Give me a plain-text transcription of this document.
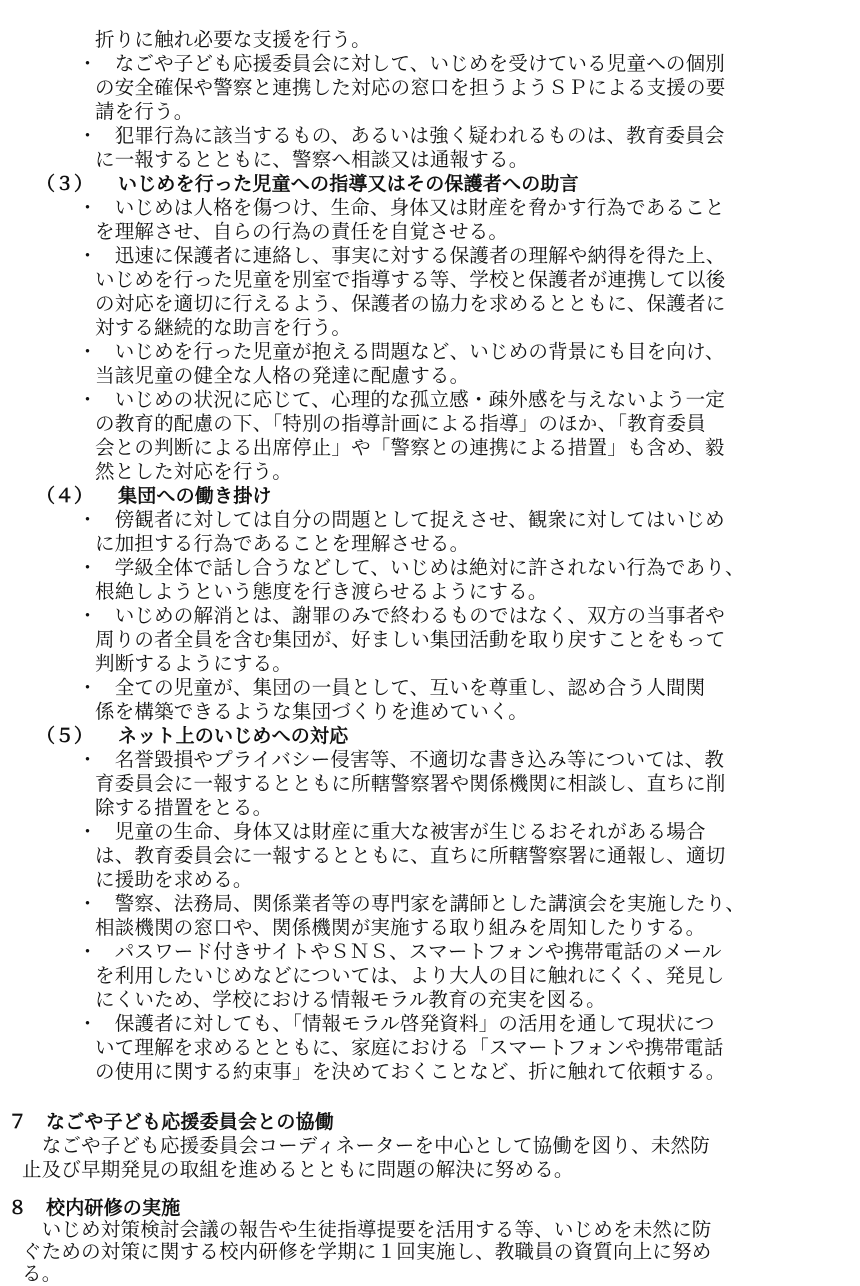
折りに触れ必要な支援を行う。
・
　なごや子ども応援委員会に対して、いじめを受けている児童への個別
の安全確保や警察と連携した対応の窓口を担うようＳＰによる支援の要
請を行う。
・
　犯罪行為に該当するもの、あるいは強く疑われるものは、教育委員会
に一報するとともに、警察へ相談又は通報する。
（３） いじめを行った児童への指導又はその保護者への助言
・
　いじめは人格を傷つけ、生命、身体又は財産を脅かす行為であること
を理解させ、自らの行為の責任を自覚させる。
・
　迅速に保護者に連絡し、事実に対する保護者の理解や納得を得た上、
いじめを行った児童を別室で指導する等、学校と保護者が連携して以後
の対応を適切に行えるよう、保護者の協力を求めるとともに、保護者に
対する継続的な助言を行う。
・
　いじめを行った児童が抱える問題など、いじめの背景にも目を向け、
当該児童の健全な人格の発達に配慮する。
・
　いじめの状況に応じて、心理的な孤立感・疎外感を与えないよう一定
の教育的配慮の下、「特別の指導計画による指導」のほか、「教育委員
会との判断による出席停止」や「警察との連携による措置」も含め、毅
然とした対応を行う。
（４） 集団への働き掛け
・
　傍観者に対しては自分の問題として捉えさせ、観衆に対してはいじめ
に加担する行為であることを理解させる。
・
　学級全体で話し合うなどして、いじめは絶対に許されない行為であり、
根絶しようという態度を行き渡らせるようにする。
・
　いじめの解消とは、謝罪のみで終わるものではなく、双方の当事者や
周りの者全員を含む集団が、好ましい集団活動を取り戻すことをもって
判断するようにする。
・
　全ての児童が、集団の一員として、互いを尊重し、認め合う人間関
係を構築できるような集団づくりを進めていく。
（５） ネット上のいじめへの対応
・
　名誉毀損やプライバシー侵害等、不適切な書き込み等については、教
育委員会に一報するとともに所轄警察署や関係機関に相談し、直ちに削
除する措置をとる。
・
　児童の生命、身体又は財産に重大な被害が生じるおそれがある場合
は、教育委員会に一報するとともに、直ちに所轄警察署に通報し、適切
に援助を求める。
・
　警察、法務局、関係業者等の専門家を講師とした講演会を実施したり、
相談機関の窓口や、関係機関が実施する取り組みを周知したりする。
・
　パスワード付きサイトやＳＮＳ、スマートフォンや携帯電話のメール
を利用したいじめなどについては、より大人の目に触れにくく、発見し
にくいため、学校における情報モラル教育の充実を図る。
・
　保護者に対しても、「情報モラル啓発資料」の活用を通して現状につ
いて理解を求めるとともに、家庭における「スマートフォンや携帯電話
の使用に関する約束事」を決めておくことなど、折に触れて依頼する。
７ なごや子ども応援委員会との協働
　なごや子ども応援委員会コーディネーターを中心として協働を図り、未然防
止及び早期発見の取組を進めるとともに問題の解決に努める。
８ 校内研修の実施
　いじめ対策検討会議の報告や生徒指導提要を活用する等、いじめを未然に防
ぐための対策に関する校内研修を学期に１回実施し、教職員の資質向上に努め
る。
